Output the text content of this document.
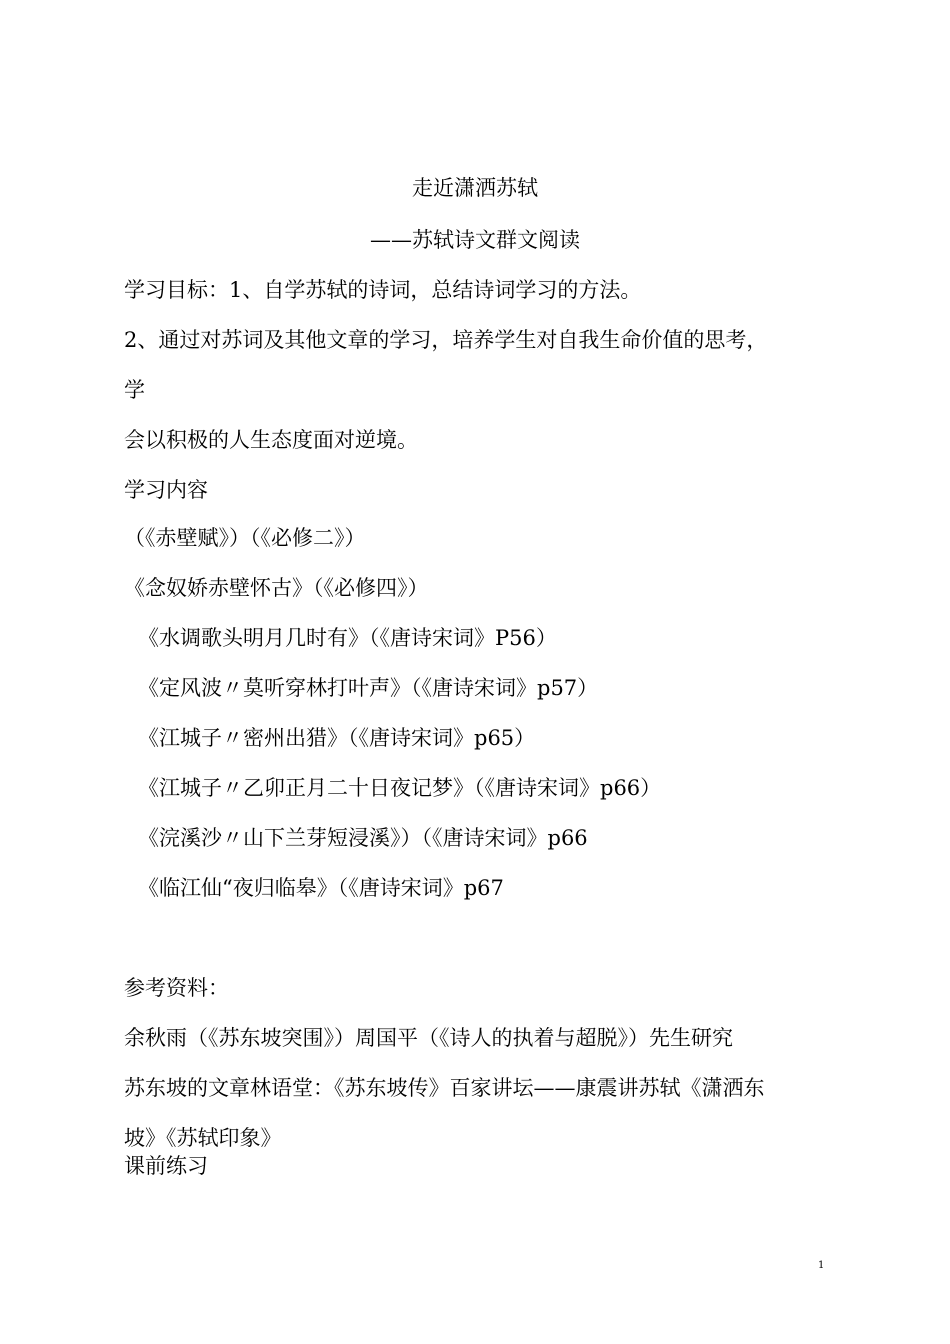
走近潇洒苏轼
——苏轼诗文群文阅读
学习目标：1、自学苏轼的诗词，总结诗词学习的方法。
2、通过对苏词及其他文章的学习，培养学生对自我生命价值的思考，
学
会以积极的人生态度面对逆境。
学习内容
（《赤壁赋》）（《必修二》）
《念奴娇赤壁怀古》（《必修四》）
《水调歌头明月几时有》（《唐诗宋词》P56）
《定风波〃莫听穿林打叶声》（《唐诗宋词》p57）
《江城子〃密州出猎》（《唐诗宋词》p65）
《江城子〃乙卯正月二十日夜记梦》（《唐诗宋词》p66）
《浣溪沙〃山下兰芽短浸溪》）（《唐诗宋词》p66
《临江仙“夜归临皋》（《唐诗宋词》p67
参考资料：
余秋雨（《苏东坡突围》）周国平（《诗人的执着与超脱》）先生研究
苏东坡的文章林语堂：《苏东坡传》百家讲坛——康震讲苏轼《潇洒东
坡》《苏轼印象》
课前练习
1
